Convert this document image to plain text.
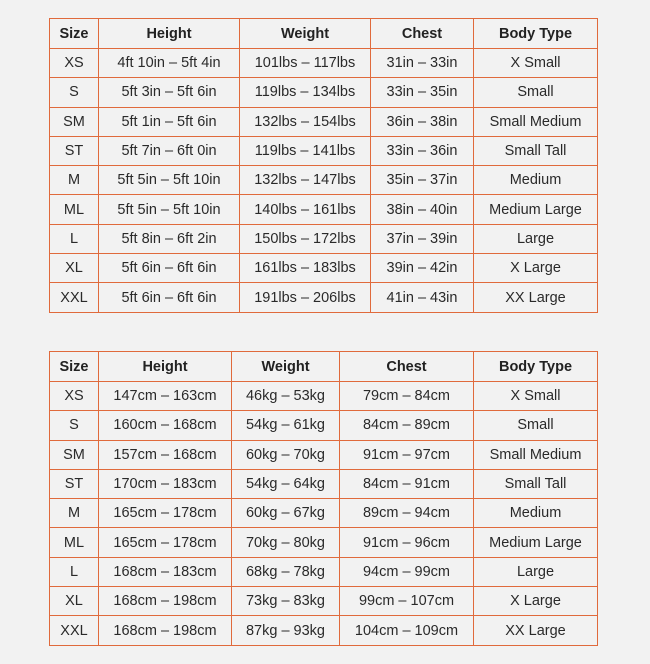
Size	Height	Weight	Chest	Body Type
XS	4ft 10in – 5ft 4in	101lbs – 117lbs	31in – 33in	X Small
S	5ft 3in – 5ft 6in	119lbs – 134lbs	33in – 35in	Small
SM	5ft 1in – 5ft 6in	132lbs – 154lbs	36in – 38in	Small Medium
ST	5ft 7in – 6ft 0in	119lbs – 141lbs	33in – 36in	Small Tall
M	5ft 5in – 5ft 10in	132lbs – 147lbs	35in – 37in	Medium
ML	5ft 5in – 5ft 10in	140lbs – 161lbs	38in – 40in	Medium Large
L	5ft 8in – 6ft 2in	150lbs – 172lbs	37in – 39in	Large
XL	5ft 6in – 6ft 6in	161lbs – 183lbs	39in – 42in	X Large
XXL	5ft 6in – 6ft 6in	191lbs – 206lbs	41in – 43in	XX Large
Size	Height	Weight	Chest	Body Type
XS	147cm – 163cm	46kg – 53kg	79cm – 84cm	X Small
S	160cm – 168cm	54kg – 61kg	84cm – 89cm	Small
SM	157cm – 168cm	60kg – 70kg	91cm – 97cm	Small Medium
ST	170cm – 183cm	54kg – 64kg	84cm – 91cm	Small Tall
M	165cm – 178cm	60kg – 67kg	89cm – 94cm	Medium
ML	165cm – 178cm	70kg – 80kg	91cm – 96cm	Medium Large
L	168cm – 183cm	68kg – 78kg	94cm – 99cm	Large
XL	168cm – 198cm	73kg – 83kg	99cm – 107cm	X Large
XXL	168cm – 198cm	87kg – 93kg	104cm – 109cm	XX Large
